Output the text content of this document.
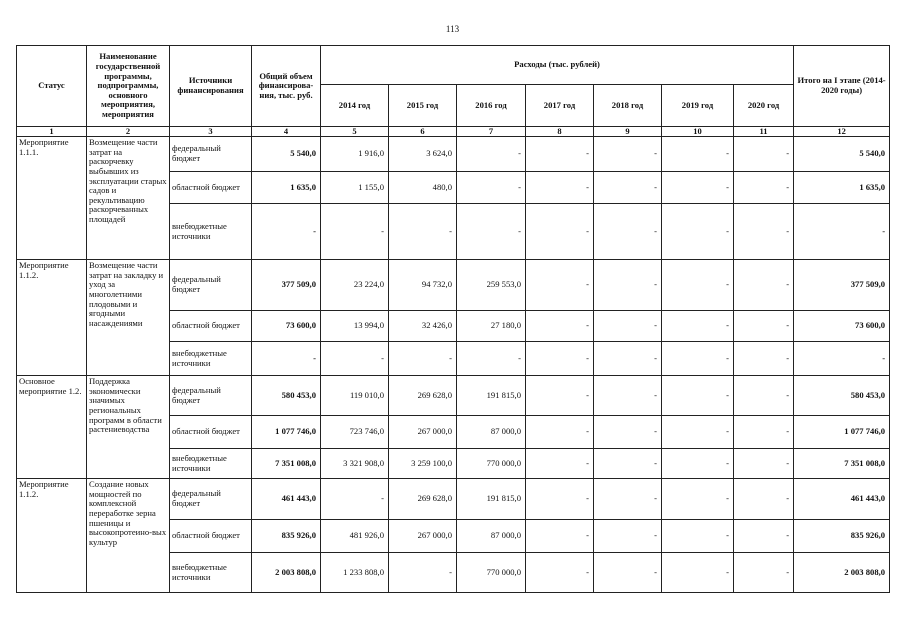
113
Статус	Наименование государственной программы, подпрограммы, основного мероприятия, мероприятия	Источники финансирования	Общий объем финансирова-ния, тыс. руб.	Расходы (тыс. рублей)							Итого на I этапе (2014-2020 годы)
				2014 год	2015 год	2016 год	2017 год	2018 год	2019 год	2020 год	
1	2	3	4	5	6	7	8	9	10	11	12
Мероприятие 1.1.1.	Возмещение части затрат на раскорчевку выбывших из эксплуатации старых садов и рекультивацию раскорчеванных площадей	федеральный бюджет	5 540,0	1 916,0	3 624,0	-	-	-	-	-	5 540,0
		областной бюджет	1 635,0	1 155,0	480,0	-	-	-	-	-	1 635,0
		внебюджетные источники	-	-	-	-	-	-	-	-	-
Мероприятие 1.1.2.	Возмещение части затрат на закладку и уход за многолетними плодовыми и ягодными насаждениями	федеральный бюджет	377 509,0	23 224,0	94 732,0	259 553,0	-	-	-	-	377 509,0
		областной бюджет	73 600,0	13 994,0	32 426,0	27 180,0	-	-	-	-	73 600,0
		внебюджетные источники	-	-	-	-	-	-	-	-	-
Основное мероприятие 1.2.	Поддержка экономически значимых региональных программ в области растениеводства	федеральный бюджет	580 453,0	119 010,0	269 628,0	191 815,0	-	-	-	-	580 453,0
		областной бюджет	1 077 746,0	723 746,0	267 000,0	87 000,0	-	-	-	-	1 077 746,0
		внебюджетные источники	7 351 008,0	3 321 908,0	3 259 100,0	770 000,0	-	-	-	-	7 351 008,0
Мероприятие 1.1.2.	Создание новых мощностей по комплексной переработке зерна пшеницы и высокопротеино-вых культур	федеральный бюджет	461 443,0	-	269 628,0	191 815,0	-	-	-	-	461 443,0
		областной бюджет	835 926,0	481 926,0	267 000,0	87 000,0	-	-	-	-	835 926,0
		внебюджетные источники	2 003 808,0	1 233 808,0	-	770 000,0	-	-	-	-	2 003 808,0
